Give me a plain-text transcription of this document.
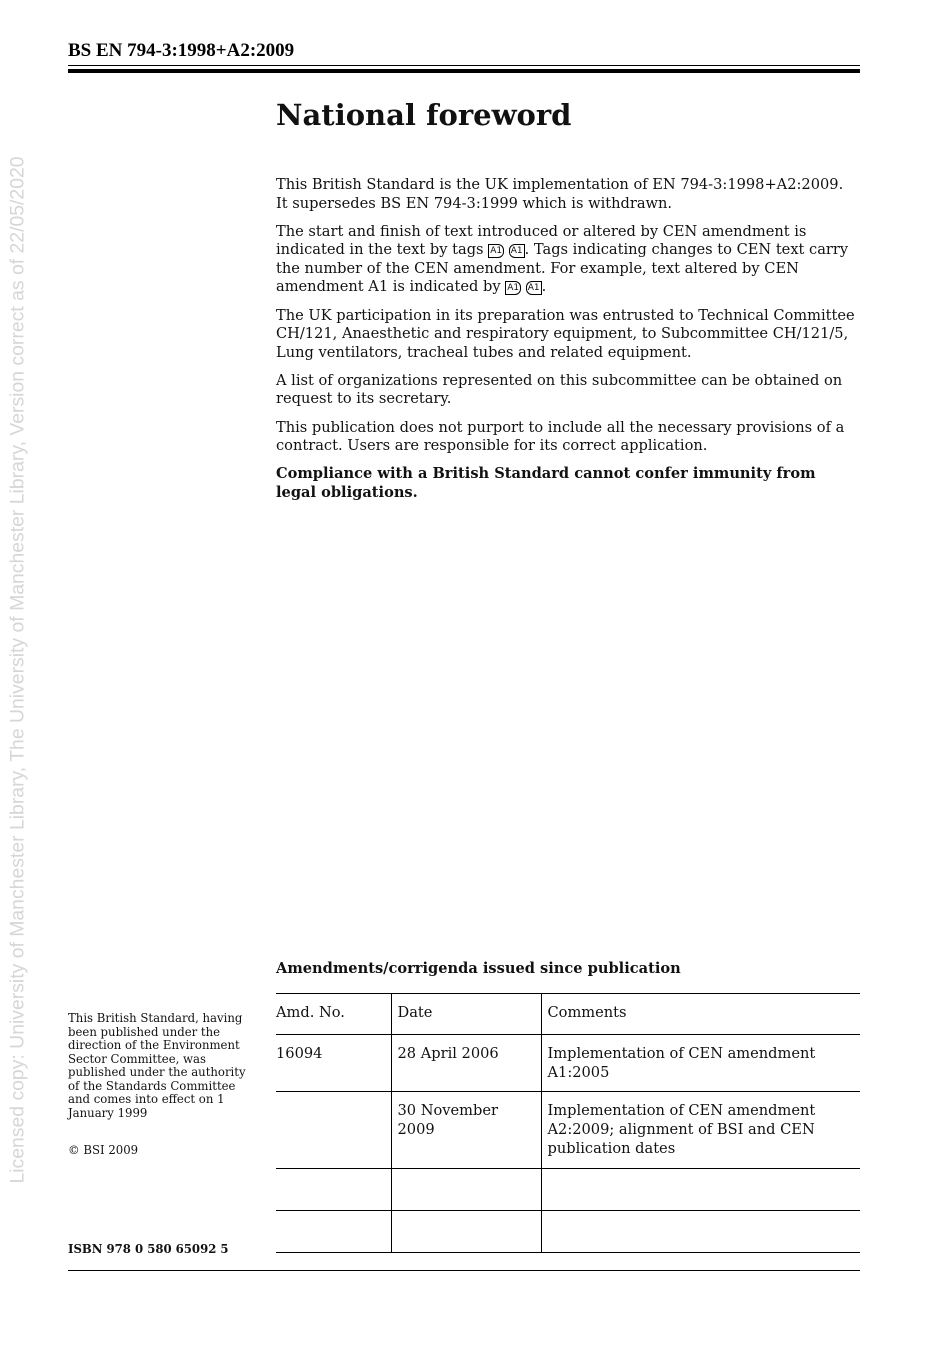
BS EN 794-3:1998+A2:2009
Licensed copy: University of Manchester Library, The University of Manchester Library, Version correct as of 22/05/2020
National foreword

This British Standard is the UK implementation of EN 794-3:1998+A2:2009. It supersedes BS EN 794-3:1999 which is withdrawn.

The start and finish of text introduced or altered by CEN amendment is indicated in the text by tags A1 A1 . Tags indicating changes to CEN text carry the number of the CEN amendment. For example, text altered by CEN amendment A1 is indicated by A1 A1 .

The UK participation in its preparation was entrusted to Technical Committee CH/121, Anaesthetic and respiratory equipment, to Subcommittee CH/121/5, Lung ventilators, tracheal tubes and related equipment.

A list of organizations represented on this subcommittee can be obtained on request to its secretary.

This publication does not purport to include all the necessary provisions of a contract. Users are responsible for its correct application.

Compliance with a British Standard cannot confer immunity from legal obligations.

Amendments/corrigenda issued since publication
Amd. No.	Date	Comments
16094	28 April 2006	Implementation of CEN amendment A1:2005
	30 November 2009	Implementation of CEN amendment A2:2009; alignment of BSI and CEN publication dates

This British Standard, having been published under the direction of the Environment Sector Committee, was published under the authority of the Standards Committee and comes into effect on 1 January 1999
© BSI 2009
ISBN 978 0 580 65092 5
